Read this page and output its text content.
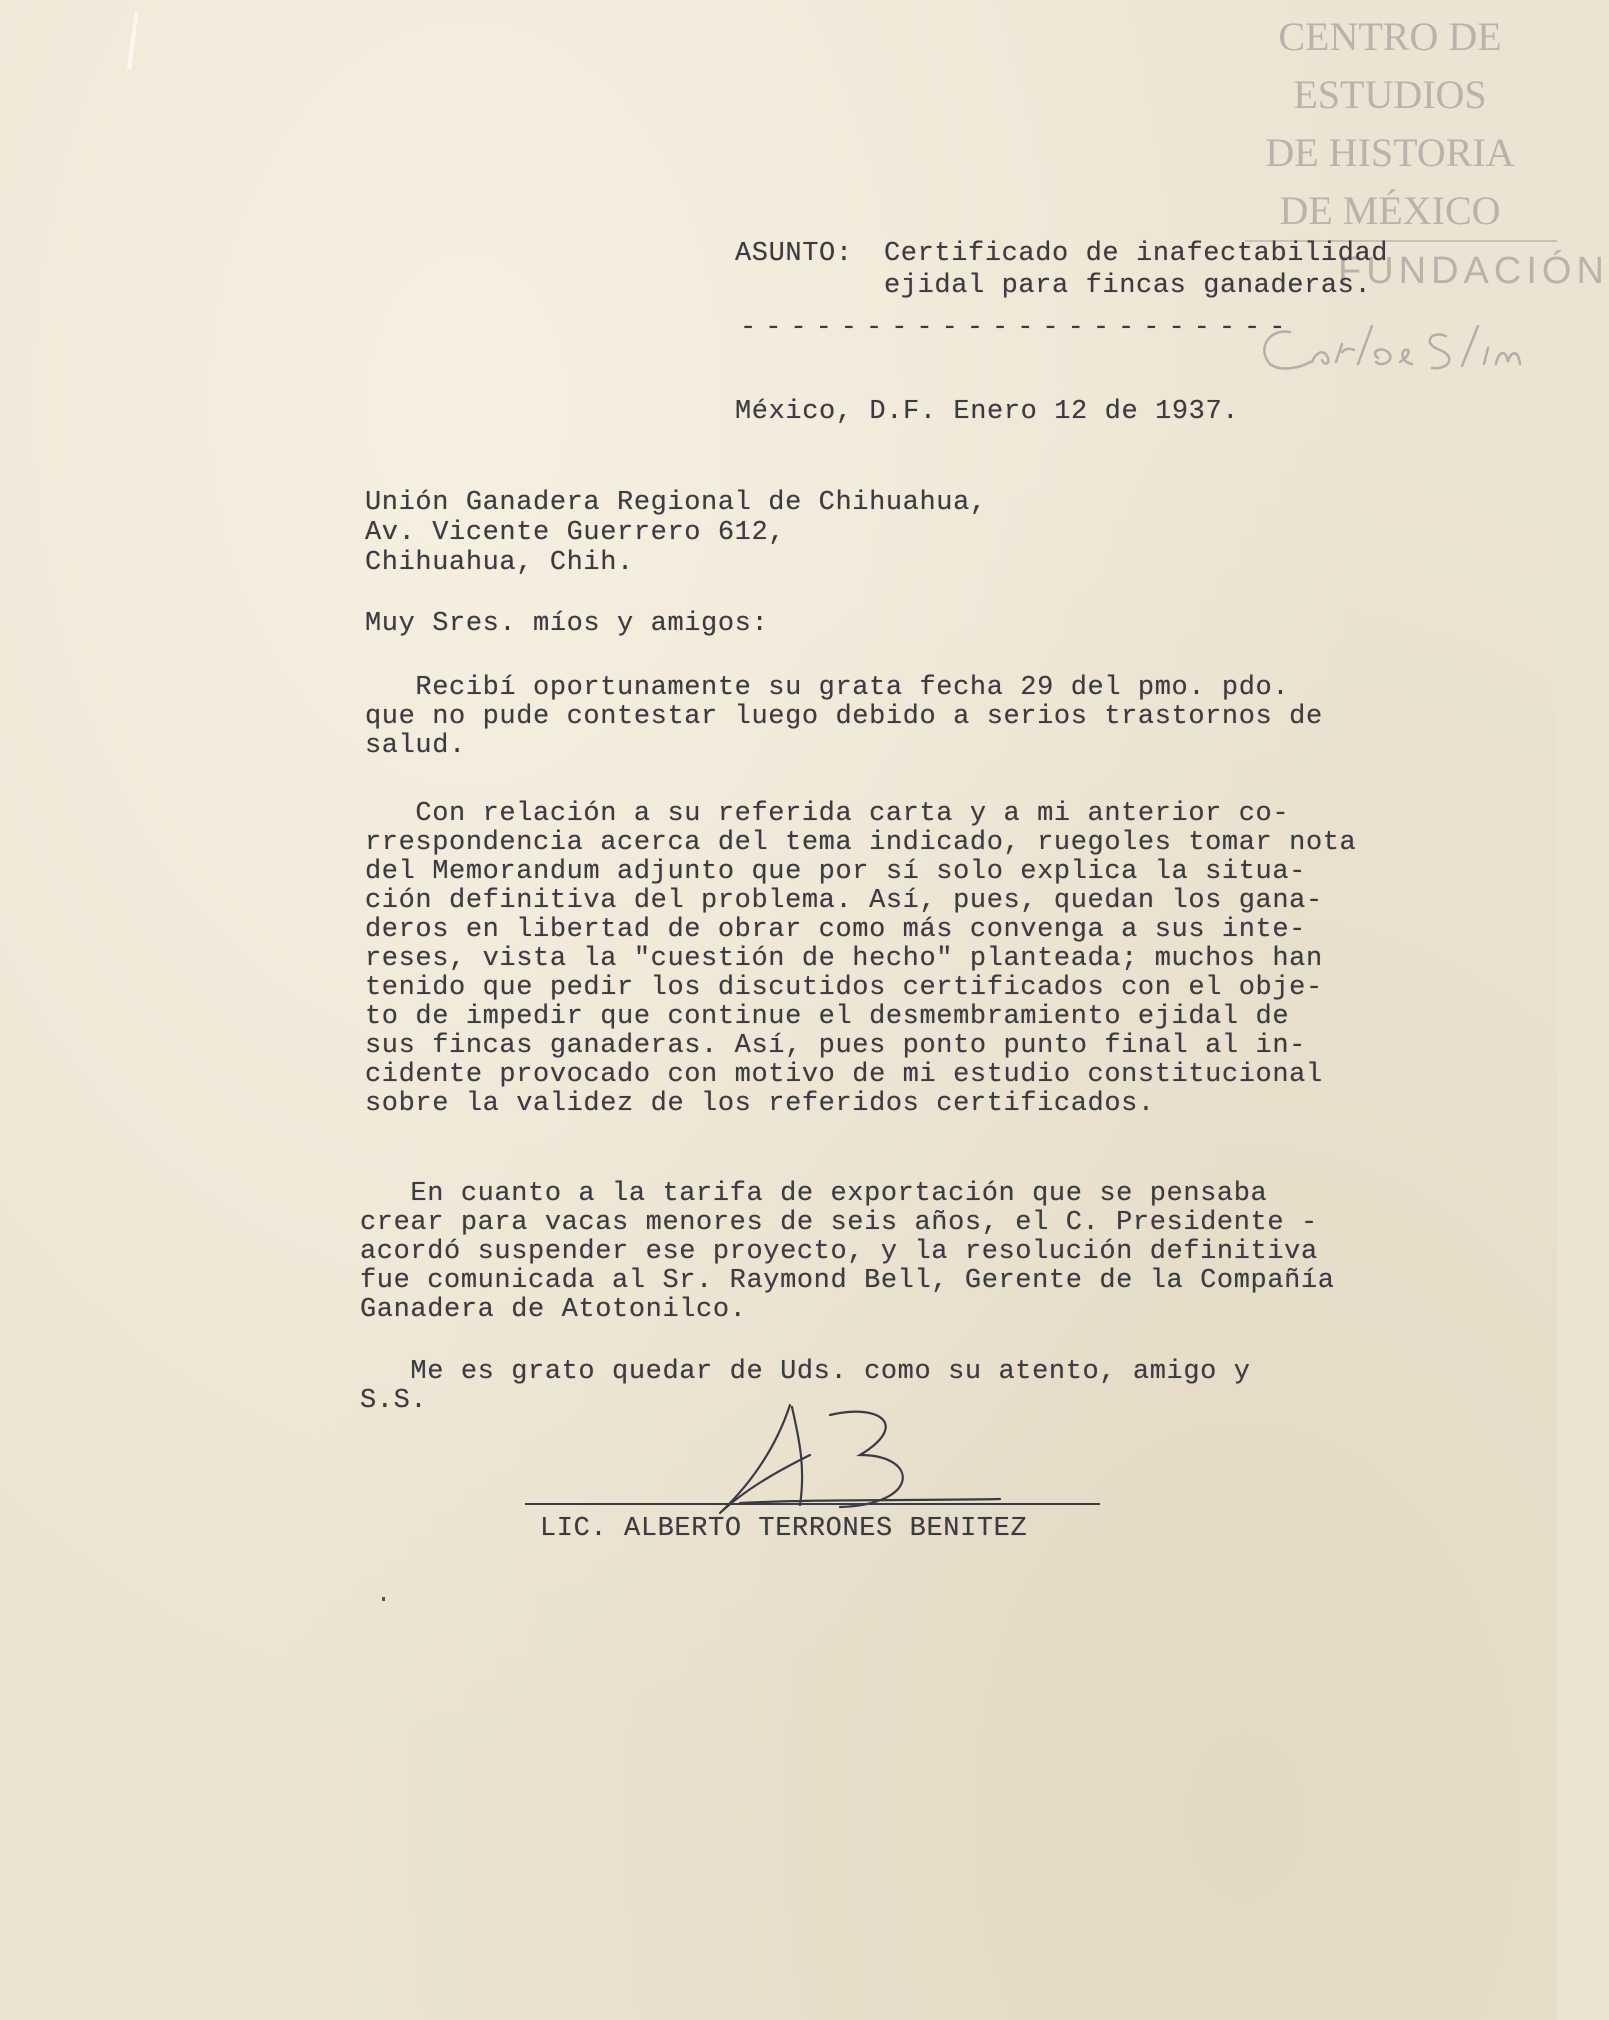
CENTRO DE
ESTUDIOS
DE HISTORIA
DE MÉXICO
FUNDACIÓN
ASUNTO: Certificado de inafectabilidad
ejidal para fincas ganaderas.
----------------------
México, D.F. Enero 12 de 1937.
Unión Ganadera Regional de Chihuahua,
Av. Vicente Guerrero 612,
Chihuahua, Chih.
Muy Sres. míos y amigos:
Recibí oportunamente su grata fecha 29 del pmo. pdo.
que no pude contestar luego debido a serios trastornos de
salud.
Con relación a su referida carta y a mi anterior co-
rrespondencia acerca del tema indicado, ruegoles tomar nota
del Memorandum adjunto que por sí solo explica la situa-
ción definitiva del problema. Así, pues, quedan los gana-
deros en libertad de obrar como más convenga a sus inte-
reses, vista la "cuestión de hecho" planteada; muchos han
tenido que pedir los discutidos certificados con el obje-
to de impedir que continue el desmembramiento ejidal de
sus fincas ganaderas. Así, pues ponto punto final al in-
cidente provocado con motivo de mi estudio constitucional
sobre la validez de los referidos certificados.
En cuanto a la tarifa de exportación que se pensaba
crear para vacas menores de seis años, el C. Presidente -
acordó suspender ese proyecto, y la resolución definitiva
fue comunicada al Sr. Raymond Bell, Gerente de la Compañía
Ganadera de Atotonilco.
Me es grato quedar de Uds. como su atento, amigo y
S.S.
LIC. ALBERTO TERRONES BENITEZ
